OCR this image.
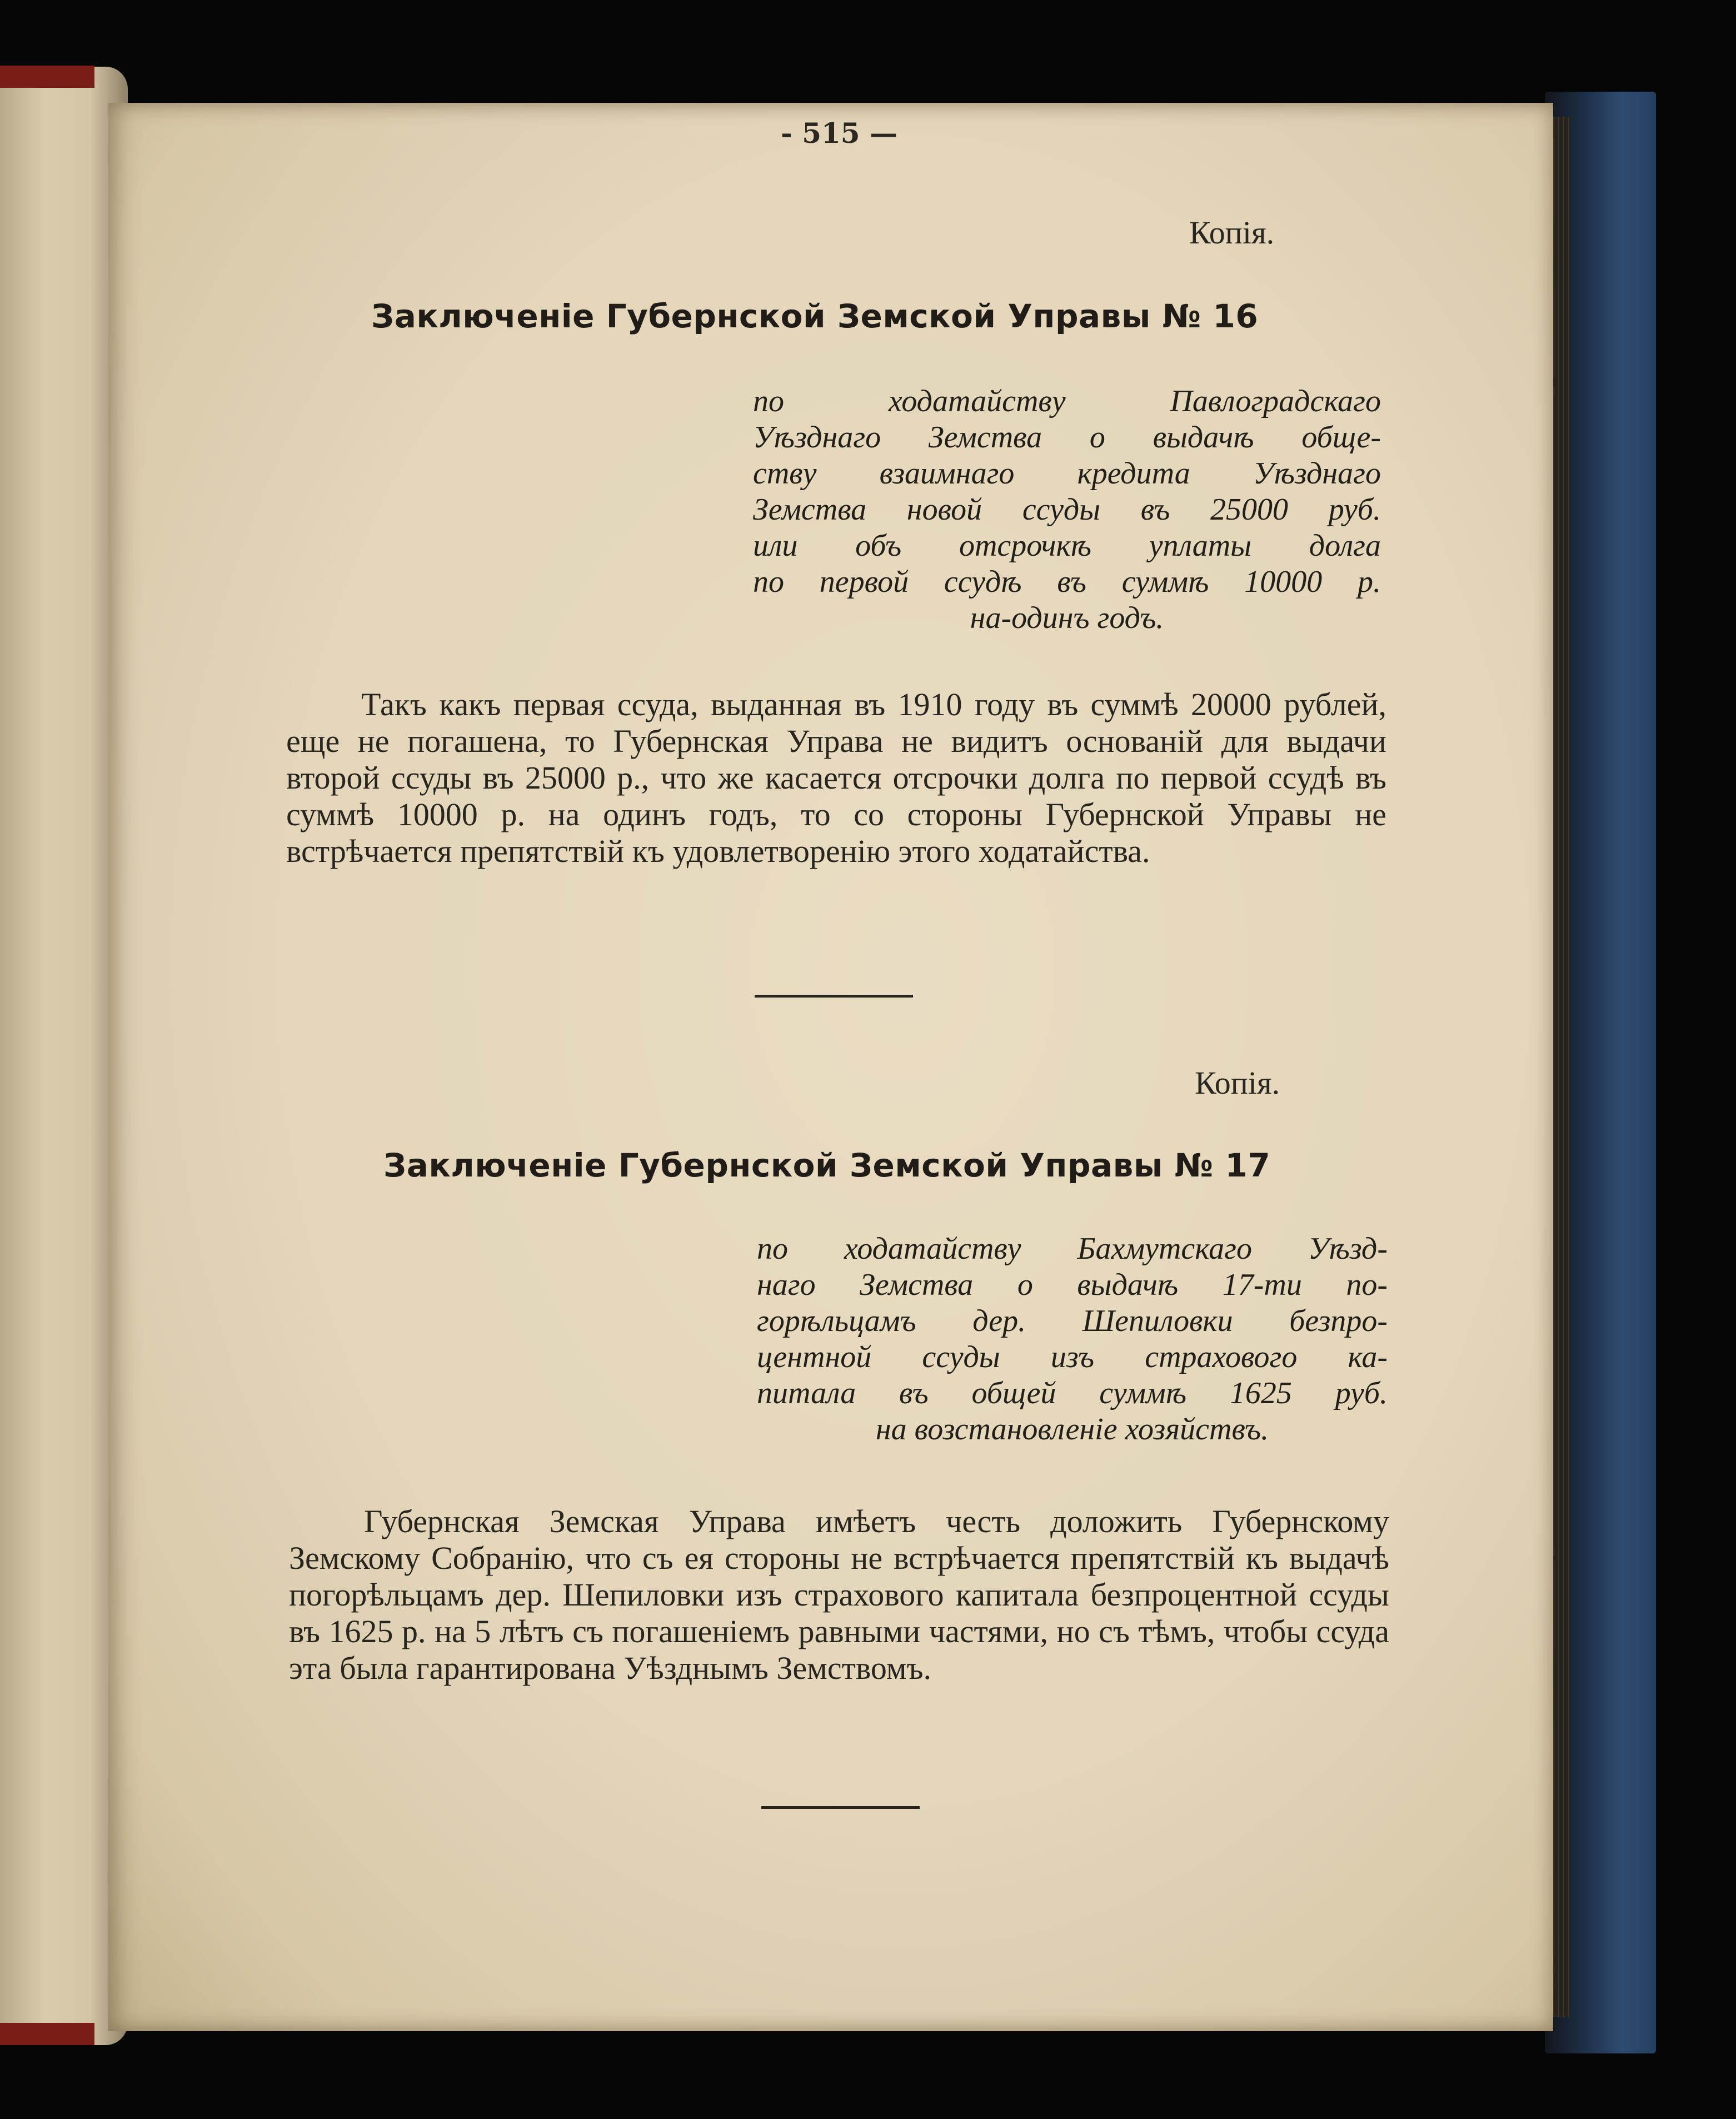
- 515 —
Копія.
Заключеніе Губернской Земской Управы № 16
по ходатайству Павлоградскаго
Уѣзднаго Земства о выдачѣ обще-
ству взаимнаго кредита Уѣзднаго
Земства новой ссуды въ 25000 руб.
или объ отсрочкѣ уплаты долга
по первой ссудѣ въ суммѣ 10000 р.
на-одинъ годъ.
Такъ какъ первая ссуда, выданная въ 1910 году въ суммѣ 20000 рублей, еще не погашена, то Губернская Управа не видитъ основаній для выдачи второй ссуды въ 25000 р., что же касается отсрочки долга по первой ссудѣ въ суммѣ 10000 р. на одинъ годъ, то со стороны Губернской Управы не встрѣчается препятствій къ удовлетворенію этого ходатайства.
Копія.
Заключеніе Губернской Земской Управы № 17
по ходатайству Бахмутскаго Уѣзд-
наго Земства о выдачѣ 17-ти по-
горѣльцамъ дер. Шепиловки безпро-
центной ссуды изъ страхового ка-
питала въ общей суммѣ 1625 руб.
на возстановленіе хозяйствъ.
Губернская Земская Управа имѣетъ честь доложить Губернскому Земскому Собранію, что съ ея стороны не встрѣчается препятствій къ выдачѣ погорѣльцамъ дер. Шепиловки изъ страхового капитала безпроцентной ссуды въ 1625 р. на 5 лѣтъ съ погашеніемъ равными частями, но съ тѣмъ, чтобы ссуда эта была гарантирована Уѣзднымъ Земствомъ.
